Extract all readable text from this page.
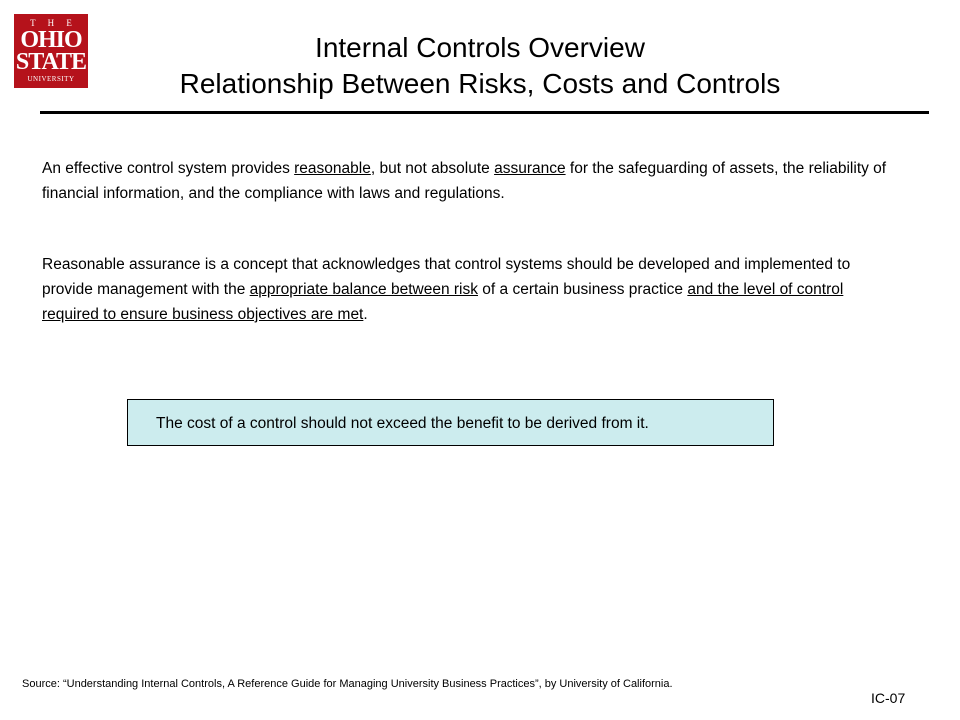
T H E
OHIO
STATE
UNIVERSITY
Internal Controls Overview
Relationship Between Risks, Costs and Controls
An effective control system provides reasonable, but not absolute assurance for the safeguarding of assets, the reliability of financial information, and the compliance with laws and regulations.
Reasonable assurance is a concept that acknowledges that control systems should be developed and implemented to provide management with the appropriate balance between risk of a certain business practice and the level of control required to ensure business objectives are met.
The cost of a control should not exceed the benefit to be derived from it.
Source: “Understanding Internal Controls, A Reference Guide for Managing University Business Practices”, by University of California.
IC-07
